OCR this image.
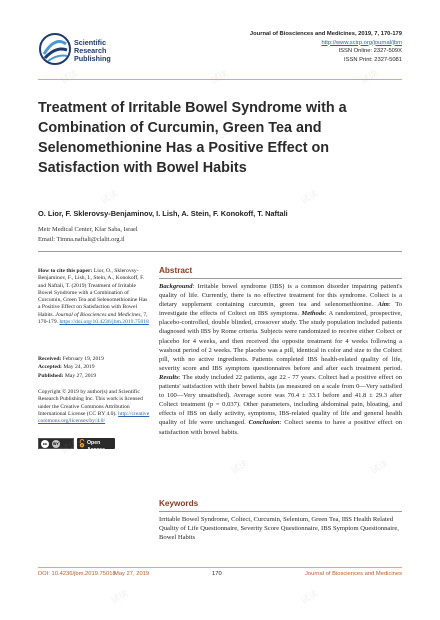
Scientific
Research
Publishing
Journal of Biosciences and Medicines, 2019, 7, 170-179
http://www.scirp.org/journal/jbm
ISSN Online: 2327-509X
ISSN Print: 2327-5081
Treatment of Irritable Bowel Syndrome with a Combination of Curcumin, Green Tea and Selenomethionine Has a Positive Effect on Satisfaction with Bowel Habits
O. Lior, F. Sklerovsy-Benjaminov, I. Lish, A. Stein, F. Konokoff, T. Naftali
Meir Medical Center, Kfar Saba, Israel
Email: Timna.naftali@clalit.org.il
How to cite this paper: Lior, O., Sklerovsy-Benjaminov, F., Lish, I., Stein, A., Konokoff, F. and Naftali, T. (2019) Treatment of Irritable Bowel Syndrome with a Combination of Curcumin, Green Tea and Selenomethionine Has a Positive Effect on Satisfaction with Bowel Habits. Journal of Biosciences and Medicines, 7, 170-179. https://doi.org/10.4236/jbm.2019.75018
Received: February 19, 2019
Accepted: May 24, 2019
Published: May 27, 2019
Copyright © 2019 by author(s) and Scientific Research Publishing Inc. This work is licensed under the Creative Commons Attribution International License (CC BY 4.0). http://creativecommons.org/licenses/by/4.0/
cc	BY	Open Access
Abstract
Background: Irritable bowel syndrome (IBS) is a common disorder impairing patient's quality of life. Currently, there is no effective treatment for this syndrome. Coltect is a dietary supplement containing curcumin, green tea and selenomethionine. Aim: To investigate the effects of Coltect on IBS symptoms. Methods: A randomized, prospective, placebo-controlled, double blinded, crossover study. The study population included patients diagnosed with IBS by Rome criteria. Subjects were randomized to receive either Coltect or placebo for 4 weeks, and then received the opposite treatment for 4 weeks following a washout period of 2 weeks. The placebo was a pill, identical in color and size to the Coltect pill, with no active ingredients. Patients completed IBS health-related quality of life, severity score and IBS symptom questionnaires before and after each treatment period. Results: The study included 22 patients, age 22 - 77 years. Coltect had a positive effect on patients' satisfaction with their bowel habits (as measured on a scale from 0—Very satisfied to 100—Very unsatisfied). Average score was 70.4 ± 33.1 before and 41.8 ± 29.3 after Coltect treatment (p = 0.037). Other parameters, including abdominal pain, bloating, and effects of IBS on daily activity, symptoms, IBS-related quality of life and general health quality of life were unchanged. Conclusion: Coltect seems to have a positive effect on satisfaction with bowel habits.
Keywords
Irritable Bowel Syndrome, Coltect, Curcumin, Selenium, Green Tea, IBS Health Related Quality of Life Questionnaire, Severity Score Questionnaire, IBS Symptom Questionnaire, Bowel Habits
DOI: 10.4236/jbm.2019.75018
May 27, 2019	170	Journal of Biosciences and Medicines
试读	试读	试读
试读	试读
试读	试读
试读	试读
